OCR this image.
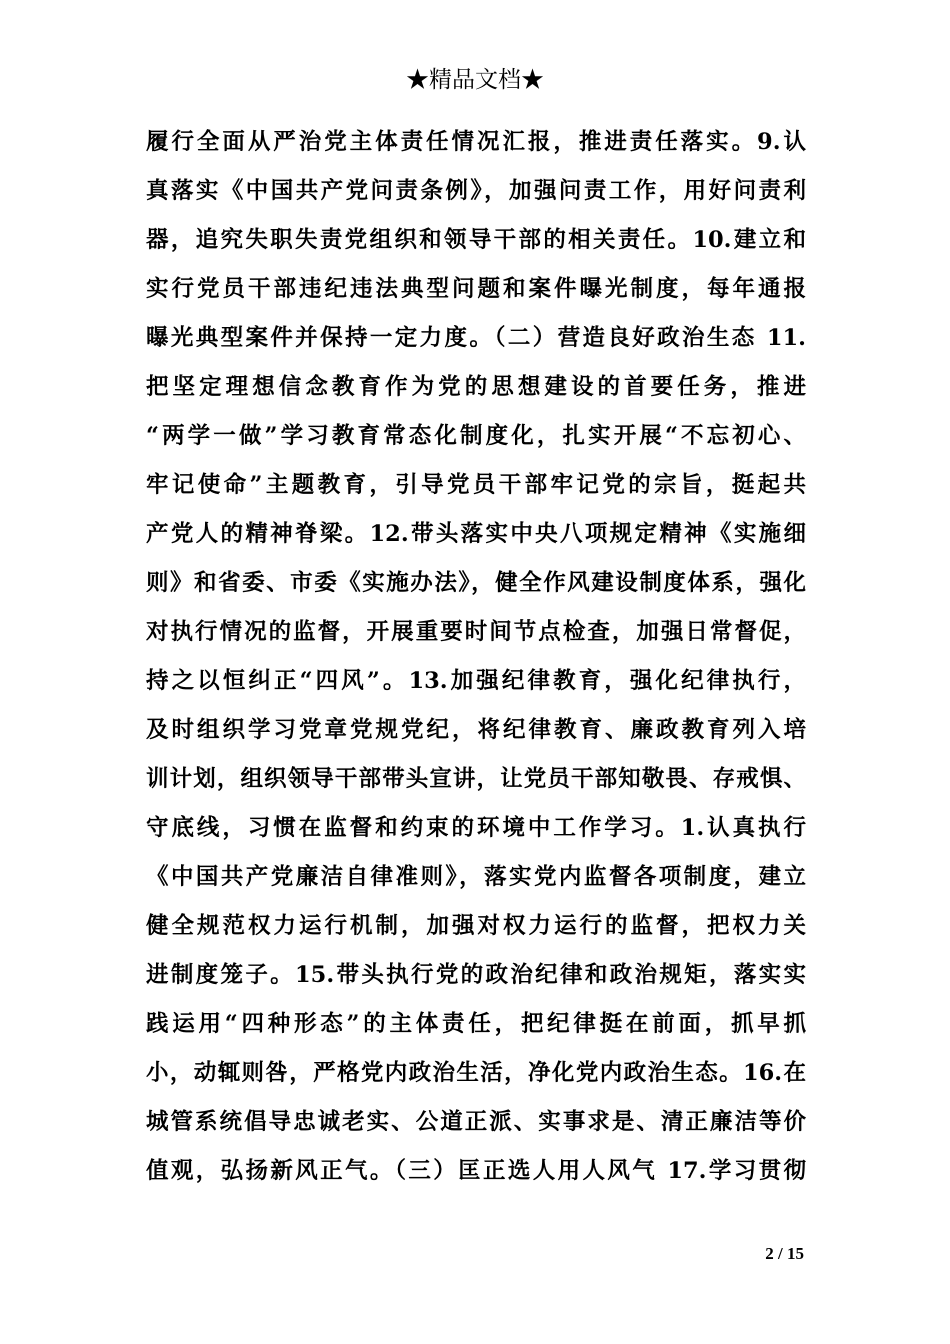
★精品文档★
履行全面从严治党主体责任情况汇报，推进责任落实。9.认
真落实《中国共产党问责条例》，加强问责工作，用好问责利
器，追究失职失责党组织和领导干部的相关责任。10.建立和
实行党员干部违纪违法典型问题和案件曝光制度，每年通报
曝光典型案件并保持一定力度。（二）营造良好政治生态 11.
把坚定理想信念教育作为党的思想建设的首要任务，推进
“两学一做”学习教育常态化制度化，扎实开展“不忘初心、
牢记使命”主题教育，引导党员干部牢记党的宗旨，挺起共
产党人的精神脊梁。12.带头落实中央八项规定精神《实施细
则》和省委、市委《实施办法》，健全作风建设制度体系，强化
对执行情况的监督，开展重要时间节点检查，加强日常督促，
持之以恒纠正“四风”。13.加强纪律教育，强化纪律执行，
及时组织学习党章党规党纪，将纪律教育、廉政教育列入培
训计划，组织领导干部带头宣讲，让党员干部知敬畏、存戒惧、
守底线，习惯在监督和约束的环境中工作学习。1.认真执行
《中国共产党廉洁自律准则》，落实党内监督各项制度，建立
健全规范权力运行机制，加强对权力运行的监督，把权力关
进制度笼子。15.带头执行党的政治纪律和政治规矩，落实实
践运用“四种形态”的主体责任，把纪律挺在前面，抓早抓
小，动辄则咎，严格党内政治生活，净化党内政治生态。16.在
城管系统倡导忠诚老实、公道正派、实事求是、清正廉洁等价
值观，弘扬新风正气。（三）匡正选人用人风气 17.学习贯彻
2 / 15
